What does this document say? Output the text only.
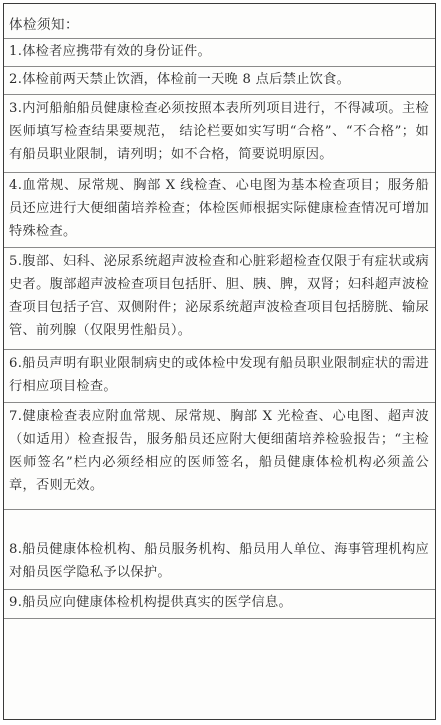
体检须知：
1.体检者应携带有效的身份证件。
2.体检前两天禁止饮酒，体检前一天晚 8 点后禁止饮食。
3.内河船舶船员健康检查必须按照本表所列项目进行，不得减项。主检医师填写检查结果要规范， 结论栏要如实写明“合格”、“不合格”；如有船员职业限制，请列明；如不合格，简要说明原因。
4.血常规、尿常规、胸部 X 线检查、心电图为基本检查项目；服务船员还应进行大便细菌培养检查；体检医师根据实际健康检查情况可增加特殊检查。
5.腹部、妇科、泌尿系统超声波检查和心脏彩超检查仅限于有症状或病史者。腹部超声波检查项目包括肝、胆、胰、脾，双肾；妇科超声波检查项目包括子宫、双侧附件；泌尿系统超声波检查项目包括膀胱、输尿管、前列腺（仅限男性船员）。
6.船员声明有职业限制病史的或体检中发现有船员职业限制症状的需进行相应项目检查。
7.健康检查表应附血常规、尿常规、胸部 X 光检查、心电图、超声波（如适用）检查报告，服务船员还应附大便细菌培养检验报告；“主检医师签名”栏内必须经相应的医师签名，船员健康体检机构必须盖公章，否则无效。
8.船员健康体检机构、船员服务机构、船员用人单位、海事管理机构应对船员医学隐私予以保护。
9.船员应向健康体检机构提供真实的医学信息。
